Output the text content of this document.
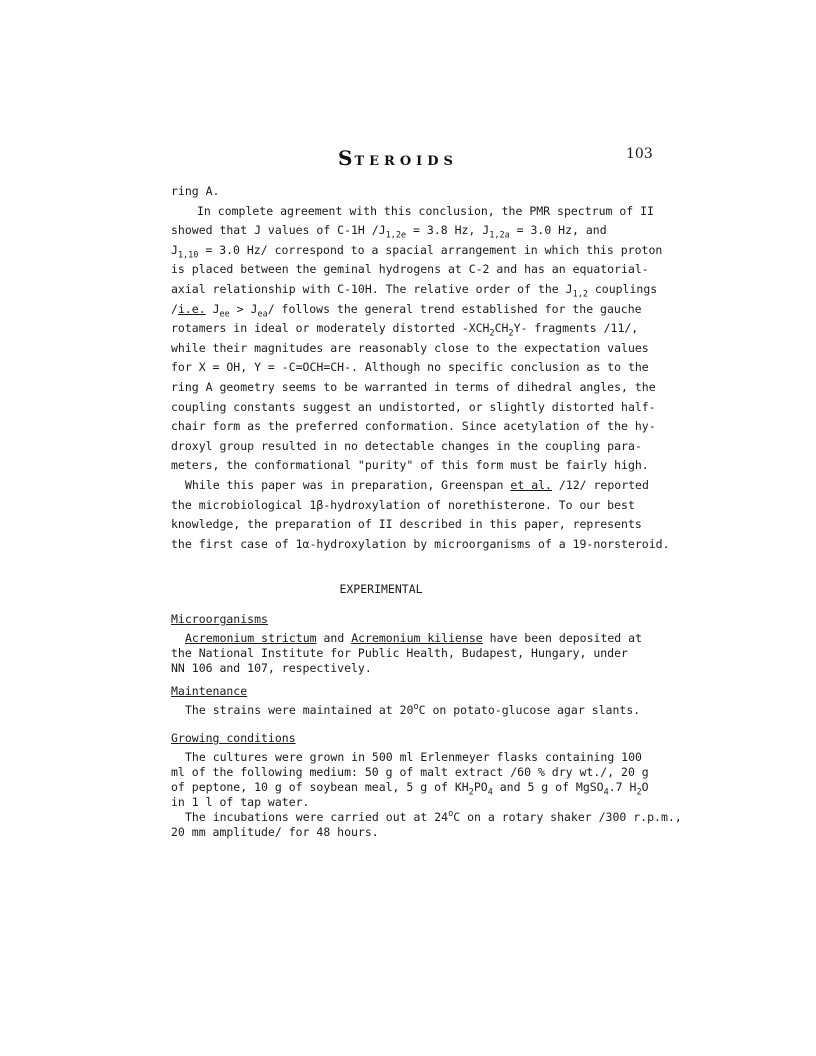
STEROIDS	103
ring A.
In complete agreement with this conclusion, the PMR spectrum of II
showed that J values of C-1H $/J_{1,2e} = 3.8$ Hz, $J_{1,2a} = 3.0$ Hz, and
$J_{1,10} = 3.0$ Hz/ correspond to a spacial arrangement in which this proton
is placed between the geminal hydrogens at C-2 and has an equatorial-
axial relationship with C-10H. The relative order of the $J_{1,2}$ couplings
/i.e. $J_{ee} > J_{ea}/$ follows the general trend established for the gauche
rotamers in ideal or moderately distorted $-XCH_2CH_2Y-$ fragments /11/,
while their magnitudes are reasonably close to the expectation values
for X = OH, Y = -C=OCH=CH-. Although no specific conclusion as to the
ring A geometry seems to be warranted in terms of dihedral angles, the
coupling constants suggest an undistorted, or slightly distorted half-
chair form as the preferred conformation. Since acetylation of the hy-
droxyl group resulted in no detectable changes in the coupling para-
meters, the conformational "purity" of this form must be fairly high.
While this paper was in preparation, Greenspan et al. /12/ reported
the microbiological 1β-hydroxylation of norethisterone. To our best
knowledge, the preparation of II described in this paper, represents
the first case of 1α-hydroxylation by microorganisms of a 19-norsteroid.
EXPERIMENTAL
Microorganisms
Acremonium strictum and Acremonium kiliense have been deposited at
the National Institute for Public Health, Budapest, Hungary, under
NN 106 and 107, respectively.
Maintenance
The strains were maintained at 20$^o$C on potato-glucose agar slants.
Growing conditions
The cultures were grown in 500 ml Erlenmeyer flasks containing 100
ml of the following medium: 50 g of malt extract /60 % dry wt./, 20 g
of peptone, 10 g of soybean meal, 5 g of $KH_2PO_4$ and 5 g of MgSO$_4$.7 $H_2O$
in 1 l of tap water.
The incubations were carried out at 24$^o$C on a rotary shaker /300 r.p.m.,
20 mm amplitude/ for 48 hours.
